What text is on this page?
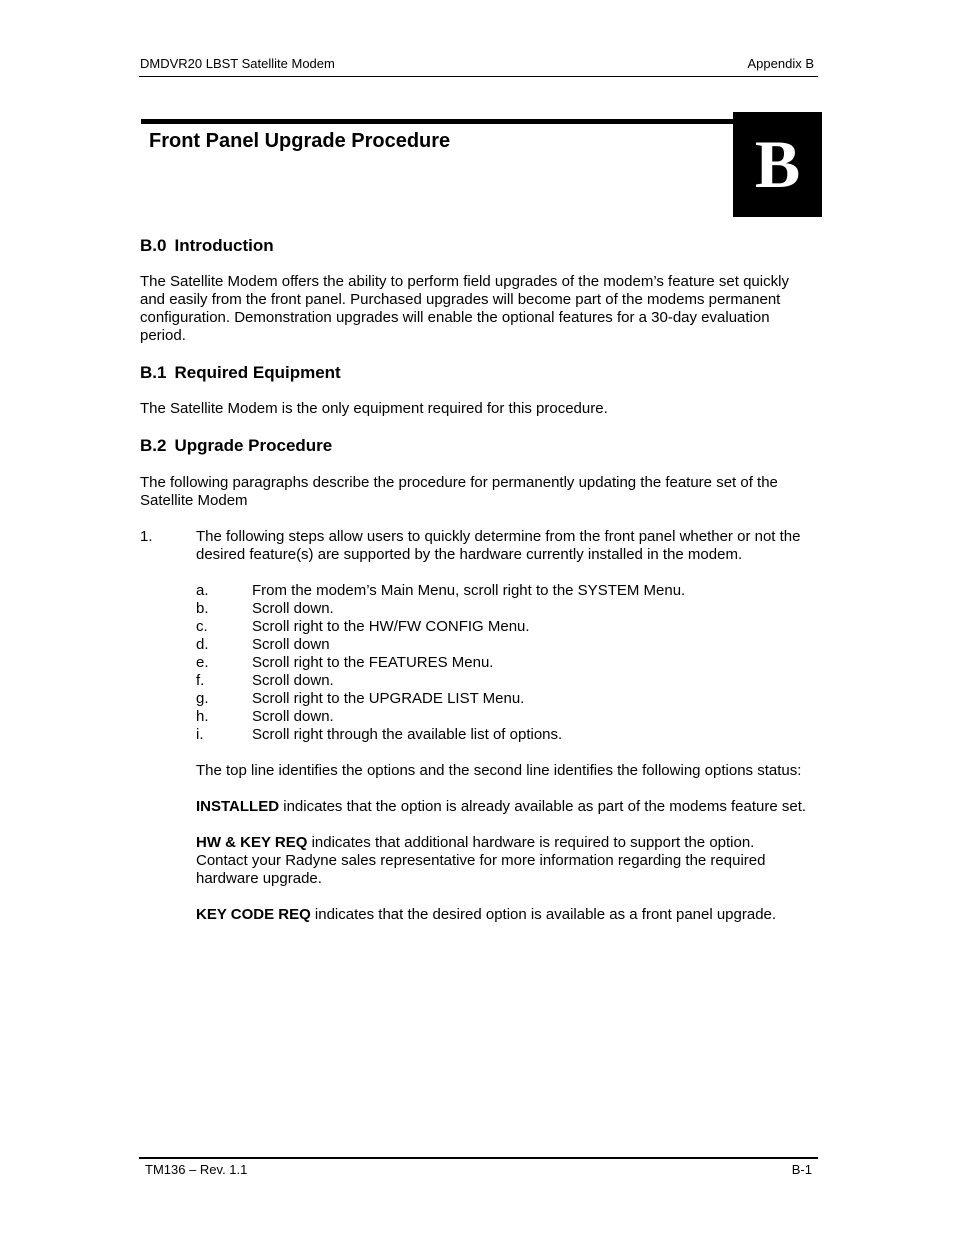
DMDVR20 LBST Satellite Modem	Appendix B
Front Panel Upgrade Procedure	B
B.0 Introduction

The Satellite Modem offers the ability to perform field upgrades of the modem’s feature set quickly and easily from the front panel. Purchased upgrades will become part of the modems permanent configuration. Demonstration upgrades will enable the optional features for a 30-day evaluation period.

B.1 Required Equipment

The Satellite Modem is the only equipment required for this procedure.

B.2 Upgrade Procedure

The following paragraphs describe the procedure for permanently updating the feature set of the Satellite Modem

1.	The following steps allow users to quickly determine from the front panel whether or not the desired feature(s) are supported by the hardware currently installed in the modem.

a.	From the modem’s Main Menu, scroll right to the SYSTEM Menu.
b.	Scroll down.
c.	Scroll right to the HW/FW CONFIG Menu.
d.	Scroll down
e.	Scroll right to the FEATURES Menu.
f.	Scroll down.
g.	Scroll right to the UPGRADE LIST Menu.
h.	Scroll down.
i.	Scroll right through the available list of options.

The top line identifies the options and the second line identifies the following options status:

INSTALLED indicates that the option is already available as part of the modems feature set.

HW & KEY REQ indicates that additional hardware is required to support the option. Contact your Radyne sales representative for more information regarding the required hardware upgrade.

KEY CODE REQ indicates that the desired option is available as a front panel upgrade.

TM136 – Rev. 1.1	B-1
